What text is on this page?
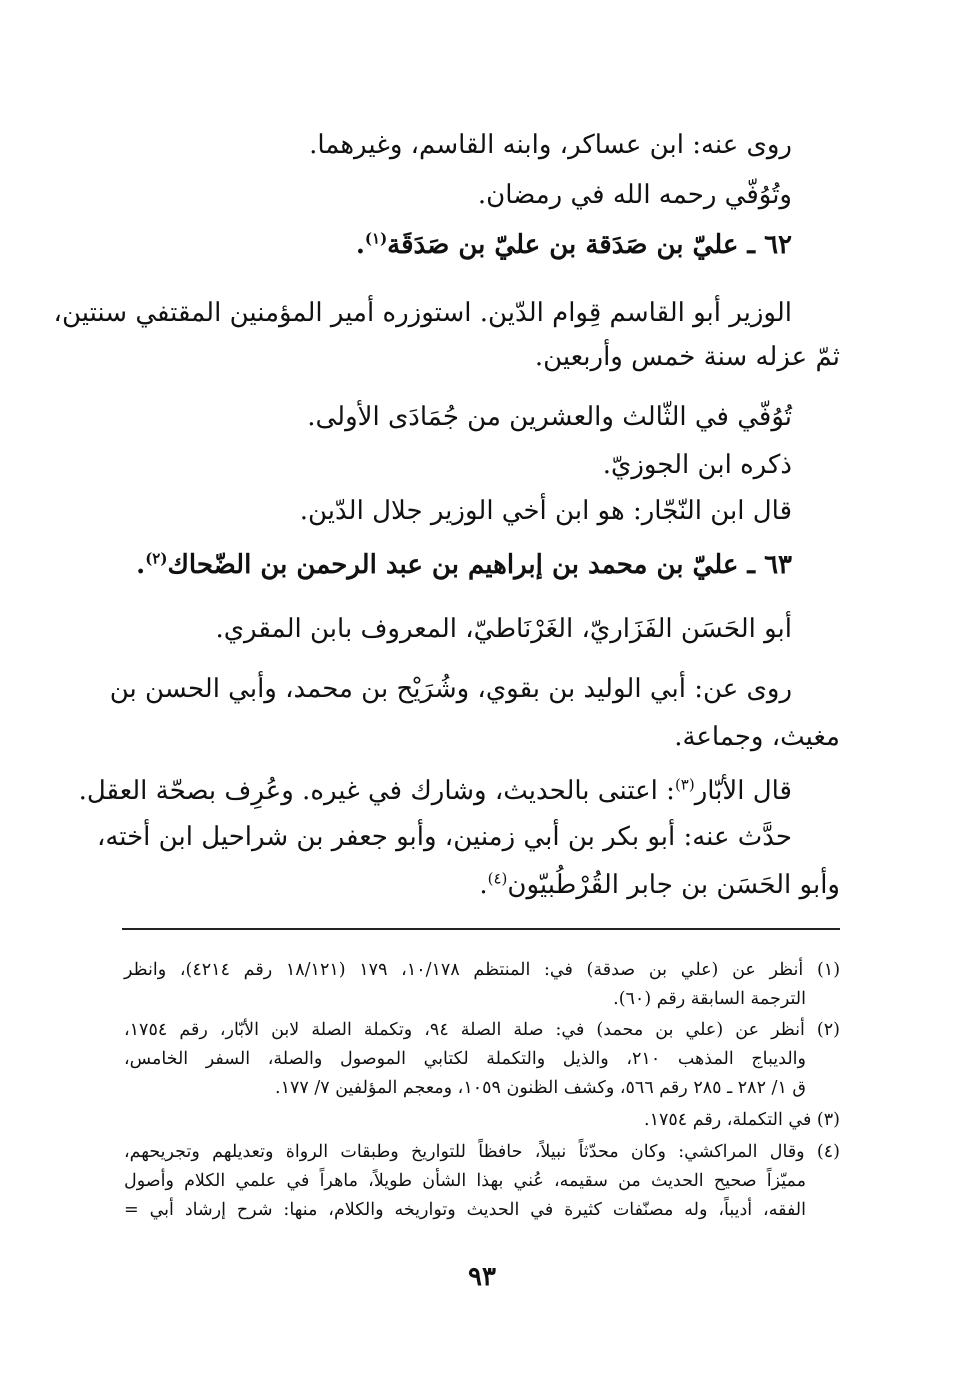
روى عنه: ابن عساكر، وابنه القاسم، وغيرهما.
وتُوُفّي رحمه الله في رمضان.
٦٢ ـ عليّ بن صَدَقة بن عليّ بن صَدَقَة$^{(١)}$.
الوزير أبو القاسم قِوام الدّين. استوزره أمير المؤمنين المقتفي سنتين،
ثمّ عزله سنة خمس وأربعين.
تُوُفّي في الثّالث والعشرين من جُمَادَى الأولى.
ذكره ابن الجوزيّ.
قال ابن النّجّار: هو ابن أخي الوزير جلال الدّين.
٦٣ ـ عليّ بن محمد بن إبراهيم بن عبد الرحمن بن الضّحاك$^{(٢)}$.
أبو الحَسَن الفَزَاريّ، الغَرْنَاطيّ، المعروف بابن المقري.
روى عن: أبي الوليد بن بقوي، وشُرَيْح بن محمد، وأبي الحسن بن
مغيث، وجماعة.
قال الأبّار$^{(٣)}$: اعتنى بالحديث، وشارك في غيره. وعُرِف بصحّة العقل.
حدَّث عنه: أبو بكر بن أبي زمنين، وأبو جعفر بن شراحيل ابن أخته،
وأبو الحَسَن بن جابر القُرْطُبيّون$^{(٤)}$.
(١) أنظر عن (علي بن صدقة) في: المنتظم ١٠/١٧٨، ١٧٩ (١٨/١٢١ رقم ٤٢١٤)، وانظر
الترجمة السابقة رقم (٦٠).
(٢) أنظر عن (علي بن محمد) في: صلة الصلة ٩٤، وتكملة الصلة لابن الأبّار، رقم ١٧٥٤،
والديباج المذهب ٢١٠، والذيل والتكملة لكتابي الموصول والصلة، السفر الخامس،
ق ١/ ٢٨٢ ـ ٢٨٥ رقم ٥٦٦، وكشف الظنون ١٠٥٩، ومعجم المؤلفين ٧/ ١٧٧.
(٣) في التكملة، رقم ١٧٥٤.
(٤) وقال المراكشي: وكان محدّثاً نبيلاً، حافظاً للتواريخ وطبقات الرواة وتعديلهم وتجريحهم،
مميّزاً صحيح الحديث من سقيمه، عُني بهذا الشأن طويلاً، ماهراً في علمي الكلام وأصول
الفقه، أديباً، وله مصنّفات كثيرة في الحديث وتواريخه والكلام، منها: شرح إرشاد أبي =
٩٣
